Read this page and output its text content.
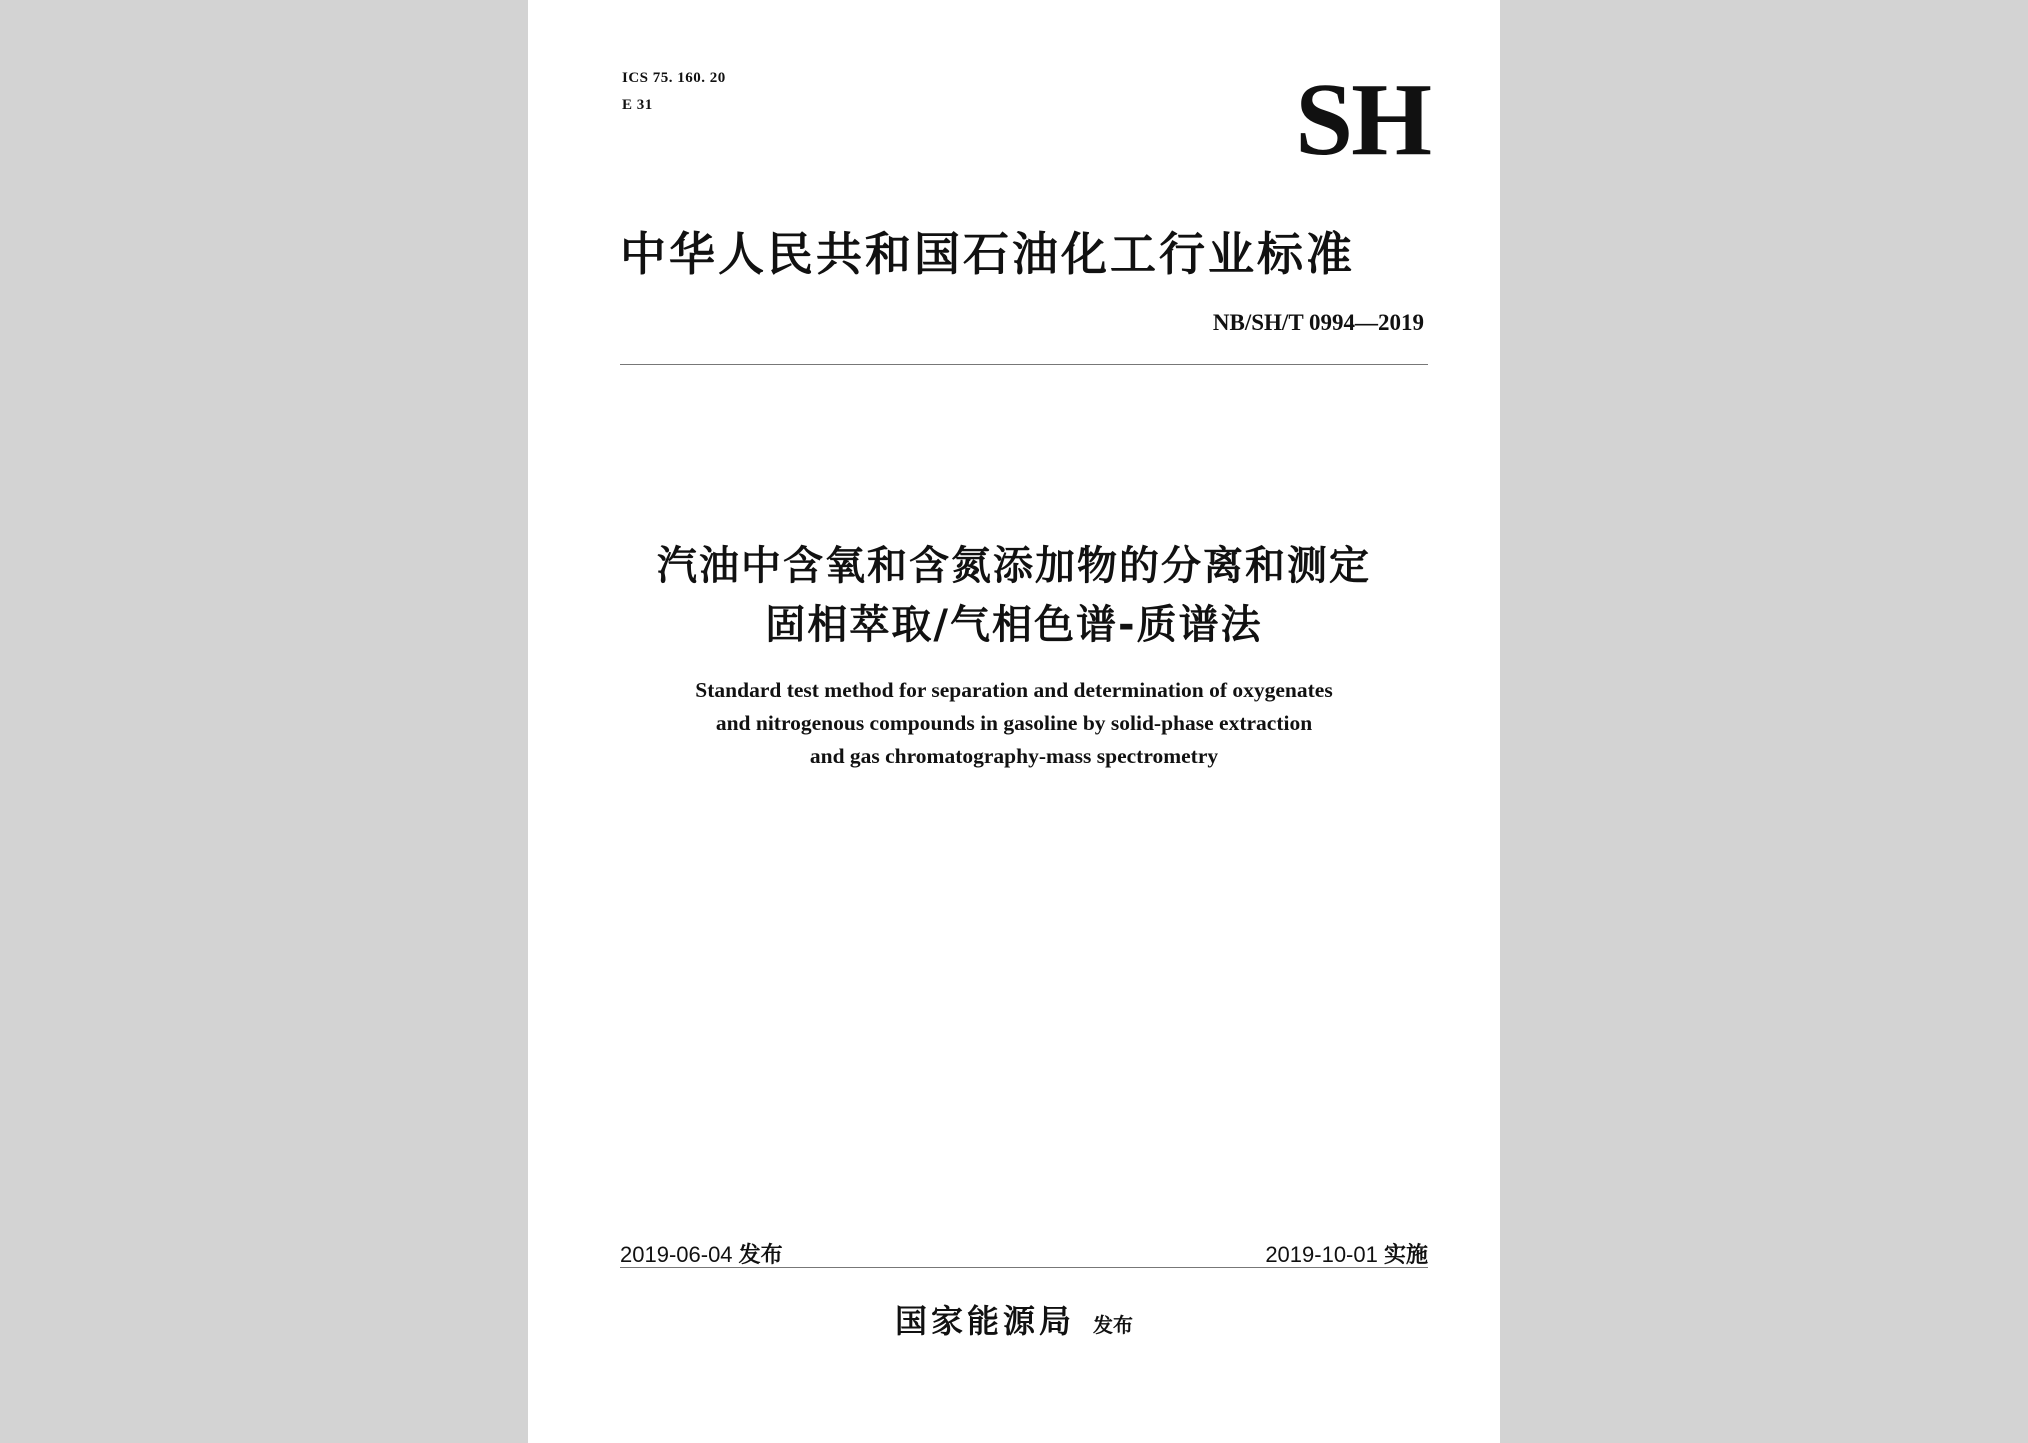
ICS 75. 160. 20
E 31	SH
中华人民共和国石油化工行业标准
NB/SH/T 0994—2019
汽油中含氧和含氮添加物的分离和测定
固相萃取/气相色谱-质谱法
Standard test method for separation and determination of oxygenates
and nitrogenous compounds in gasoline by solid-phase extraction
and gas chromatography-mass spectrometry
2019-06-04 发布	2019-10-01 实施
国家能源局 发布
